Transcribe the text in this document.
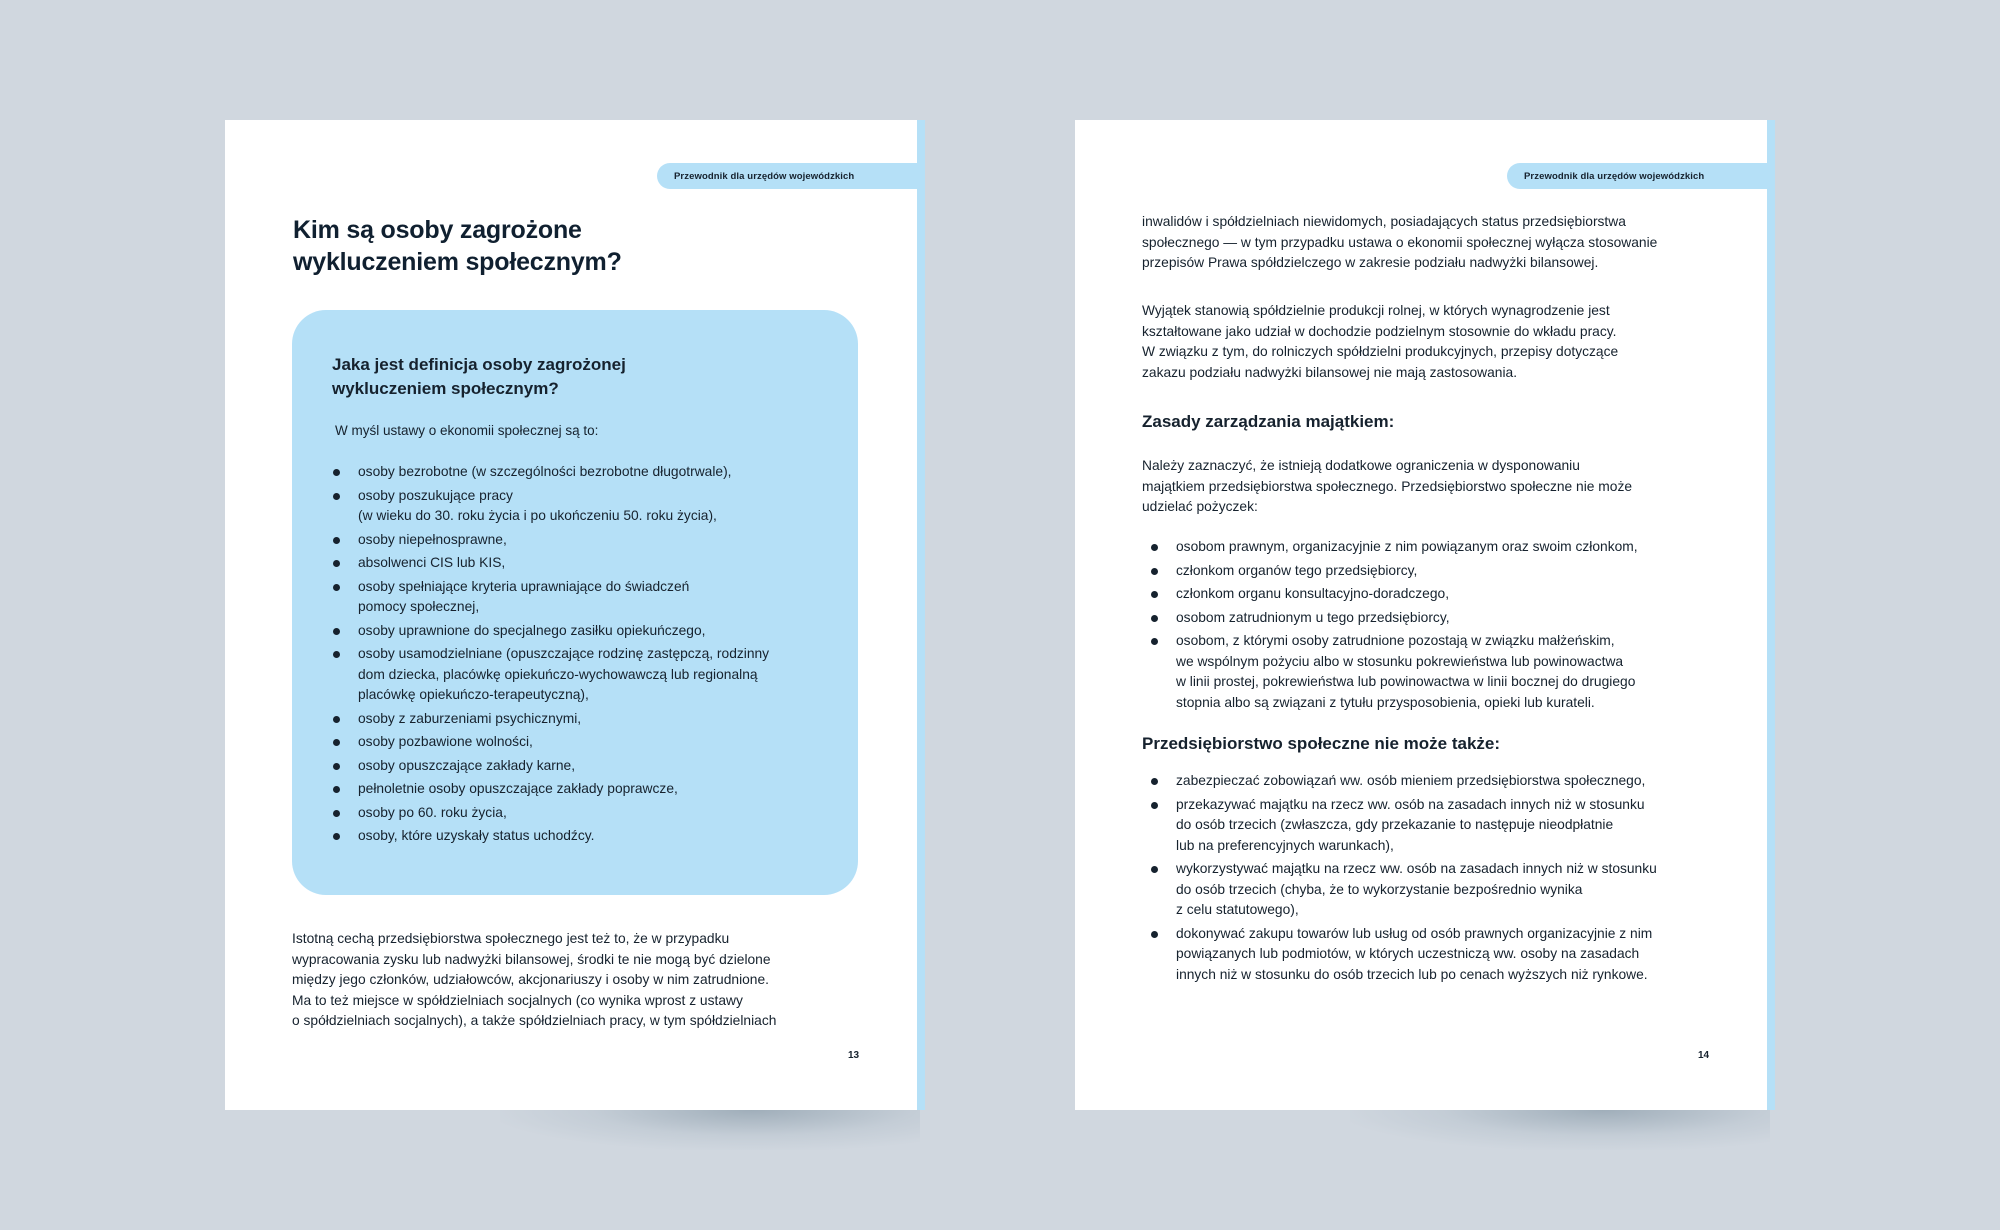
Przewodnik dla urzędów wojewódzkich
Kim są osoby zagrożone
wykluczeniem społecznym?
Jaka jest definicja osoby zagrożonej
wykluczeniem społecznym?
W myśl ustawy o ekonomii społecznej są to:
osoby bezrobotne (w szczególności bezrobotne długotrwale),
osoby poszukujące pracy
(w wieku do 30. roku życia i po ukończeniu 50. roku życia),
osoby niepełnosprawne,
absolwenci CIS lub KIS,
osoby spełniające kryteria uprawniające do świadczeń
pomocy społecznej,
osoby uprawnione do specjalnego zasiłku opiekuńczego,
osoby usamodzielniane (opuszczające rodzinę zastępczą, rodzinny
dom dziecka, placówkę opiekuńczo-wychowawczą lub regionalną
placówkę opiekuńczo-terapeutyczną),
osoby z zaburzeniami psychicznymi,
osoby pozbawione wolności,
osoby opuszczające zakłady karne,
pełnoletnie osoby opuszczające zakłady poprawcze,
osoby po 60. roku życia,
osoby, które uzyskały status uchodźcy.
Istotną cechą przedsiębiorstwa społecznego jest też to, że w przypadku
wypracowania zysku lub nadwyżki bilansowej, środki te nie mogą być dzielone
między jego członków, udziałowców, akcjonariuszy i osoby w nim zatrudnione.
Ma to też miejsce w spółdzielniach socjalnych (co wynika wprost z ustawy
o spółdzielniach socjalnych), a także spółdzielniach pracy, w tym spółdzielniach
13
Przewodnik dla urzędów wojewódzkich
inwalidów i spółdzielniach niewidomych, posiadających status przedsiębiorstwa
społecznego — w tym przypadku ustawa o ekonomii społecznej wyłącza stosowanie
przepisów Prawa spółdzielczego w zakresie podziału nadwyżki bilansowej.
Wyjątek stanowią spółdzielnie produkcji rolnej, w których wynagrodzenie jest
kształtowane jako udział w dochodzie podzielnym stosownie do wkładu pracy.
W związku z tym, do rolniczych spółdzielni produkcyjnych, przepisy dotyczące
zakazu podziału nadwyżki bilansowej nie mają zastosowania.
Zasady zarządzania majątkiem:
Należy zaznaczyć, że istnieją dodatkowe ograniczenia w dysponowaniu
majątkiem przedsiębiorstwa społecznego. Przedsiębiorstwo społeczne nie może
udzielać pożyczek:
osobom prawnym, organizacyjnie z nim powiązanym oraz swoim członkom,
członkom organów tego przedsiębiorcy,
członkom organu konsultacyjno-doradczego,
osobom zatrudnionym u tego przedsiębiorcy,
osobom, z którymi osoby zatrudnione pozostają w związku małżeńskim,
we wspólnym pożyciu albo w stosunku pokrewieństwa lub powinowactwa
w linii prostej, pokrewieństwa lub powinowactwa w linii bocznej do drugiego
stopnia albo są związani z tytułu przysposobienia, opieki lub kurateli.
Przedsiębiorstwo społeczne nie może także:
zabezpieczać zobowiązań ww. osób mieniem przedsiębiorstwa społecznego,
przekazywać majątku na rzecz ww. osób na zasadach innych niż w stosunku
do osób trzecich (zwłaszcza, gdy przekazanie to następuje nieodpłatnie
lub na preferencyjnych warunkach),
wykorzystywać majątku na rzecz ww. osób na zasadach innych niż w stosunku
do osób trzecich (chyba, że to wykorzystanie bezpośrednio wynika
z celu statutowego),
dokonywać zakupu towarów lub usług od osób prawnych organizacyjnie z nim
powiązanych lub podmiotów, w których uczestniczą ww. osoby na zasadach
innych niż w stosunku do osób trzecich lub po cenach wyższych niż rynkowe.
14
